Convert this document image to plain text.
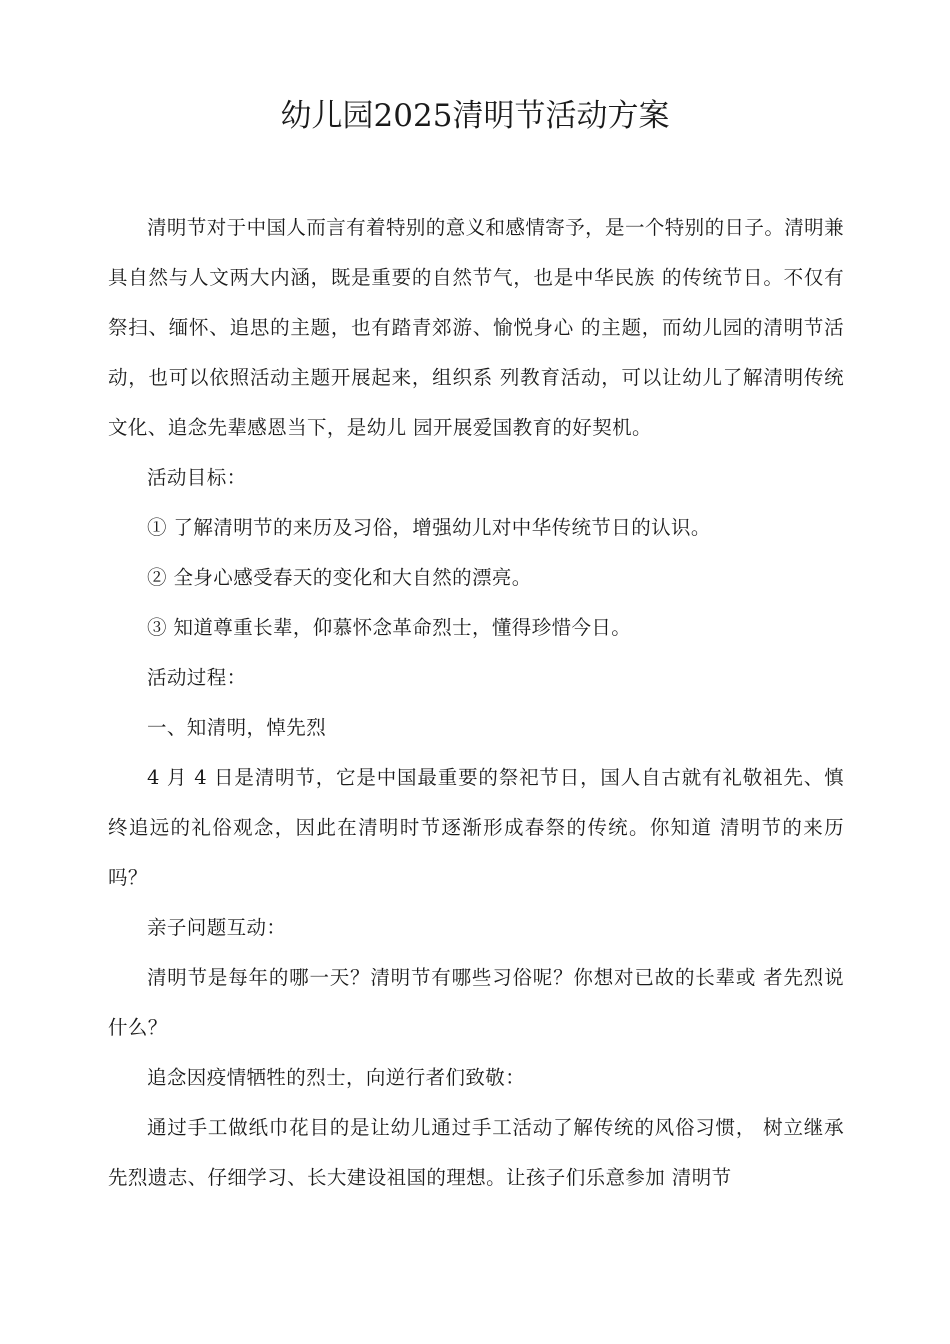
幼儿园2025清明节活动方案

清明节对于中国人而言有着特别的意义和感情寄予，是一个特别的日子。清明兼具自然与人文两大内涵，既是重要的自然节气，也是中华民族 的传统节日。不仅有祭扫、缅怀、追思的主题，也有踏青郊游、愉悦身心 的主题，而幼儿园的清明节活动，也可以依照活动主题开展起来，组织系 列教育活动，可以让幼儿了解清明传统文化、追念先辈感恩当下，是幼儿 园开展爱国教育的好契机。

活动目标：

① 了解清明节的来历及习俗，增强幼儿对中华传统节日的认识。

② 全身心感受春天的变化和大自然的漂亮。

③ 知道尊重长辈，仰慕怀念革命烈士，懂得珍惜今日。

活动过程：

一、知清明，悼先烈

4 月 4 日是清明节，它是中国最重要的祭祀节日，国人自古就有礼敬祖先、慎终追远的礼俗观念，因此在清明时节逐渐形成春祭的传统。你知道 清明节的来历吗？

亲子问题互动：

清明节是每年的哪一天？清明节有哪些习俗呢？你想对已故的长辈或 者先烈说什么？

追念因疫情牺牲的烈士，向逆行者们致敬：

通过手工做纸巾花目的是让幼儿通过手工活动了解传统的风俗习惯， 树立继承先烈遗志、仔细学习、长大建设祖国的理想。让孩子们乐意参加 清明节
